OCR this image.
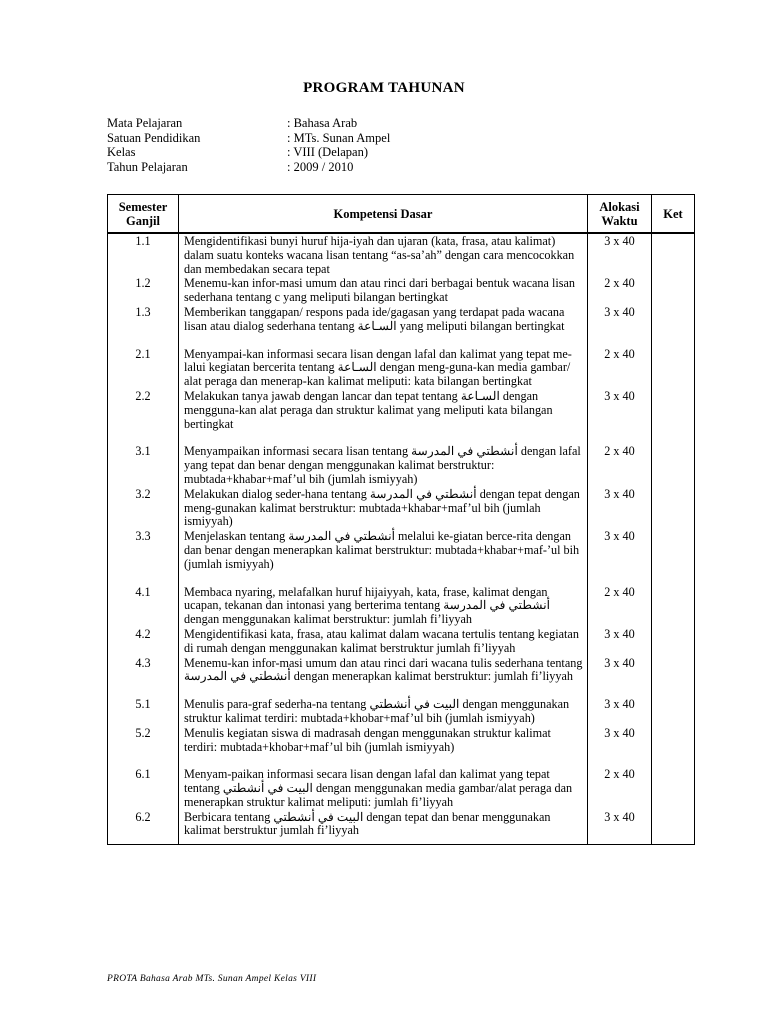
PROGRAM TAHUNAN
Mata Pelajaran	: Bahasa Arab
Satuan Pendidikan	: MTs. Sunan Ampel
Kelas	: VIII (Delapan)
Tahun Pelajaran	: 2009 / 2010
Semester Ganjil	Kompetensi Dasar	Alokasi Waktu	Ket

1.1	Mengidentifikasi bunyi huruf hija-iyah dan ujaran (kata, frasa, atau kalimat) dalam suatu konteks wacana lisan tentang “as-sa’ah” dengan cara mencocokkan dan membedakan secara tepat	3 x 40	

1.2	Menemu-kan infor-masi umum dan atau rinci dari berbagai bentuk wacana lisan sederhana tentang c yang meliputi bilangan bertingkat	2 x 40	

1.3	Memberikan tanggapan/ respons pada ide/gagasan yang terdapat pada wacana lisan atau dialog sederhana tentang السـاعة yang meliputi bilangan bertingkat	3 x 40	

2.1	Menyampai-kan informasi secara lisan dengan lafal dan kalimat yang tepat me-lalui kegiatan bercerita tentang السـاعة dengan meng-guna-kan media gambar/ alat peraga dan menerap-kan kalimat meliputi: kata bilangan bertingkat	2 x 40	

2.2	Melakukan tanya jawab dengan lancar dan tepat tentang السـاعة dengan mengguna-kan alat peraga dan struktur kalimat yang meliputi kata bilangan bertingkat	3 x 40	

3.1	Menyampaikan informasi secara lisan tentang أنشطتي في المدرسة dengan lafal yang tepat dan benar dengan menggunakan kalimat berstruktur: mubtada+khabar+maf’ul bih (jumlah ismiyyah)	2 x 40	

3.2	Melakukan dialog seder-hana tentang أنشطتي في المدرسة dengan tepat dengan meng-gunakan kalimat berstruktur: mubtada+khabar+maf’ul bih (jumlah ismiyyah)	3 x 40	

3.3	Menjelaskan tentang أنشطتي في المدرسة melalui ke-giatan berce-rita dengan dan benar dengan menerapkan kalimat berstruktur: mubtada+khabar+maf-’ul bih (jumlah ismiyyah)	3 x 40	

4.1	Membaca nyaring, melafalkan huruf hijaiyyah, kata, frase, kalimat dengan ucapan, tekanan dan intonasi yang berterima tentang أنشطتي في المدرسة dengan menggunakan kalimat berstruktur: jumlah fi’liyyah	2 x 40	

4.2	Mengidentifikasi kata, frasa, atau kalimat dalam wacana tertulis tentang kegiatan di rumah dengan menggunakan kalimat berstruktur jumlah fi’liyyah	3 x 40	

4.3	Menemu-kan infor-masi umum dan atau rinci dari wacana tulis sederhana tentang أنشطتي في المدرسة dengan menerapkan kalimat berstruktur: jumlah fi’liyyah	3 x 40	

5.1	Menulis para-graf sederha-na tentang البيت في أنشطتي dengan menggunakan struktur kalimat terdiri: mubtada+khobar+maf’ul bih (jumlah ismiyyah)	3 x 40	

5.2	Menulis kegiatan siswa di madrasah dengan menggunakan struktur kalimat terdiri: mubtada+khobar+maf’ul bih (jumlah ismiyyah)	3 x 40	

6.1	Menyam-paikan informasi secara lisan dengan lafal dan kalimat yang tepat tentang البيت في أنشطتي dengan menggunakan media gambar/alat peraga dan menerapkan struktur kalimat meliputi: jumlah fi’liyyah	2 x 40	

6.2	Berbicara tentang البيت في أنشطتي dengan tepat dan benar menggunakan kalimat berstruktur jumlah fi’liyyah	3 x 40	

PROTA Bahasa Arab MTs. Sunan Ampel Kelas VIII
